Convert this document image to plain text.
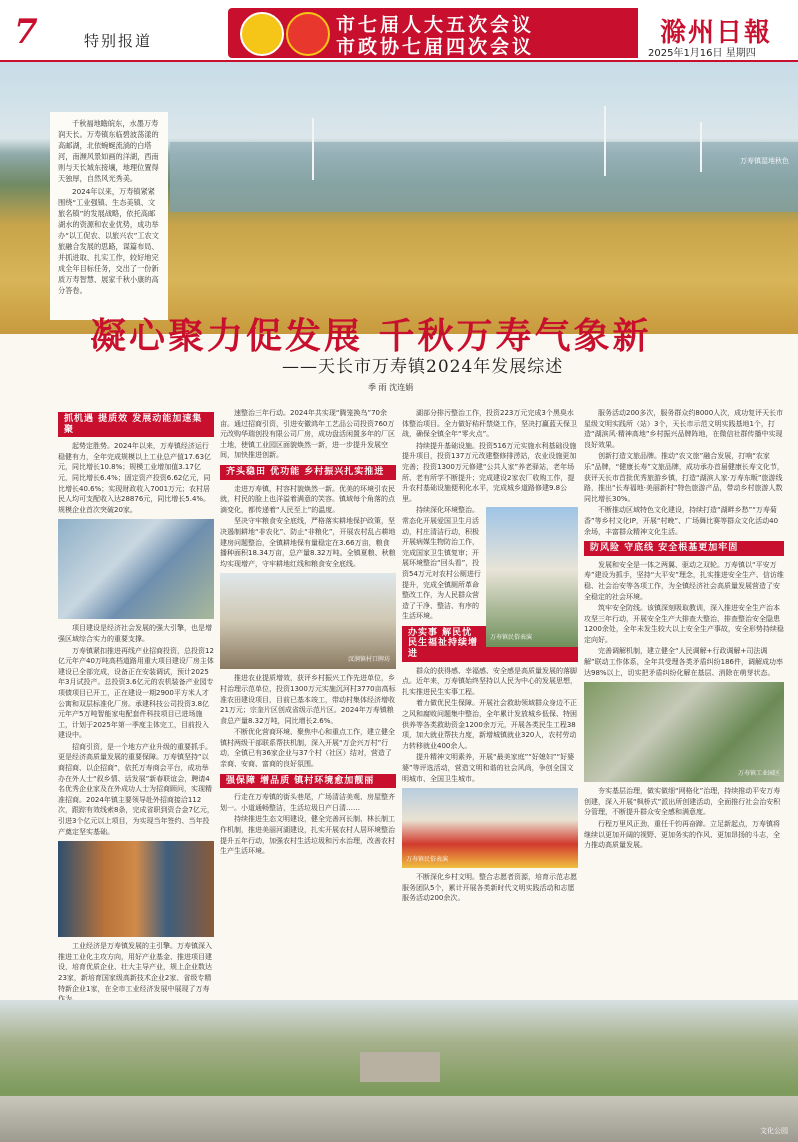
7	特别报道
市七届人大五次会议
市政协七届四次会议	滁州日報
2025年1月16日 星期四
万寿镇湿地秋色

千秋福地瞻皖东，水墨万寿润天长。万寿镇东临碧波荡漾的高邮湖，北依蜿蜒流淌的白塔河，南濒风景如画的洋湖，西南则与天长城东接壤，地理位置得天独厚，自然风光秀美。

2024年以来，万寿镇紧紧围绕“工业强镇、生态美镇、文旅名镇”的发展战略，依托高邮湖水的资源和农业优势，成功举办“以工促农、以旅兴农”工农文旅融合发展的思路，谋篇布局、并抓进取、扎实工作，较好地完成全年目标任务，交出了一份新质万寿智慧、展家千秋小康的高分答卷。

凝心聚力促发展 千秋万寿气象新
——天长市万寿镇2024年发展综述
季 雨 沈连娟
抓机遇 提质效 发展动能加速集聚

起势定胜势。2024年以来，万寿镇经济运行稳健有力，全年完成规模以上工业总产值17.63亿元，同比增长10.8%；规模工业增加值3.17亿元，同比增长6.4%；固定资产投资6.62亿元，同比增长40.6%；实现财政收入7001万元；农村居民人均可支配收入达28876元，同比增长5.4%。规模企业首次突破20家。

项目建设是经济社会发展的强大引擎，也是增强区域综合实力的重要支撑。

万寿镇紧扣推进再线产业招商投资，总投资12亿元年产40万吨高档道路用重大项目建设厂房主体建设已全部完成，设备正在安装调试，预计2025年3月试投产。总投资3.6亿元的农机装备产业园专项债项目已开工，正在建设一期2900平方米人才公寓和双层标准化厂房。承建科技公司投资3.8亿元年产5万吨智能家电配套件科技项目已进场施工，计划于2025年第一季度主体完工，目前投入建设中。

招商引资，是一个地方产业升级的重要抓手。更是经济高质量发展的重要保障。万寿镇坚持“以商招商、以企招商”，依托万寿商会平台，成功举办在外人士“叙乡情、话发展”新春联谊会，聘请4名优秀企业家及在外成功人士为招商顾问，实现精准招商。2024年镇主要领导赴外招商接洽112次，跟踪有效线索8条，完成省职到资合金7亿元，引进3个亿元以上项目，为实现当年签约、当年投产奠定坚实基础。

工业经济是万寿镇发展的主引擎。万寿镇深入推进工业化主攻方向，用好产业基金、推进项目建设，培育优质企业、壮大主导产业，规上企业数达23家，新培育国家级高新技术企业2家、省级专精特新企业1家，在全市工业经济发展中展现了万寿

速整治三年行动。2024年共实现“腾笼换鸟”70余亩。通过招商引资，引进安徽鸿年工艺品公司投资760万元改购华瑞创投有限公司厂房，成功盘活闲置多年的厂区土地，使镇工业园区面貌焕然一新，进一步提升发展空间，加快推进创新。

齐头稳田 优功能 乡村振兴扎实推进

走进万寿镇，村容村貌焕然一新。优美的环境引农民就，村民的脸上也洋溢着满意的笑容。镇域每个角落的点滴变化，都传递着“人民至上”的温度。

坚决守牢粮食安全底线，严格落实耕地保护政策，坚决遏制耕地“非农化”、防止“非粮化”，开展农村乱占耕地建房问题整治，全镇耕地保有量稳定在3.66万亩，粮食播种面积18.34万亩，总产量8.32万吨。全镇夏粮、秋粮均实现增产，守牢耕地红线和粮食安全底线。

汊涧镇村口牌坊

推进农业提质增效，获评乡村振兴工作先进单位，乡村治理示范单位，投资1300万元实施沉河村3770亩高标准农田建设项目，目前已基本竣工，带动村集体经济增收21万元；宗奎片区创成省级示范片区。2024年万寿镇粮食总产量8.32万吨，同比增长2.6%。

不断优化营商环境、聚焦中心和重点工作，建立健全镇村两级干部联系帮扶机制，深入开展“万企兴万村”行动，全镇已有36家企业与37个村（社区）结对，营造了亲商、安商、富商的良好氛围。

强保障 增品质 镇村环境愈加靓丽

行走在万寿镇的街头巷尾，广场清洁美观、房屋整齐划一。小道通畅整洁，生活垃圾日产日清……

持续推进生态文明建设，健全完善河长制、林长制工作机制，推进美丽河湖建设，扎实开展农村人居环境整治提升五年行动，加强农村生活垃圾和污水治理，改善农村生产生活环境。

湖部分排污整治工作，投资223万元完成3个黑臭水体整治项目。全力做好秸秆禁烧工作，坚决打赢蓝天保卫战，确保全镇全年“零火点”。

持续提升基础设施。投资516万元实施水利基础设施提升项目，投资137万元改建整修排涝站，农业设施更加完善；投资1300万元修建“公共人家”养老驿站，老年场所、老有所学不断提升；完成建设2家农厂收购工作，提升农村基础设施便利化水平，完成城乡道路修建9.8公里。

万寿镇民俗表演

持续深化环境整治。常态化开展爱国卫生月活动，村庄清洁行动，积极开展病媒生物防治工作，完成国家卫生镇复审；开展环境整治“回头看”，投资54万元对农村公厕进行提升，完成全镇厕所革命整改工作，为人民群众营造了干净、整洁、有序的生活环境。

办实事 解民忧 民生福祉持续增进

群众的获得感、幸福感、安全感是高质量发展的落脚点。近年来，万寿镇始终坚持以人民为中心的发展思想，扎实推进民生实事工程。

着力做优民生保障。开展社会救助领域群众身边不正之风和腐败问题集中整治，全年累计发放城乡低保、特困供养等各类救助资金1200余万元，开展各类民生工程38项，加大就业帮扶力度，新增城镇就业320人，农村劳动力转移就业400余人。

提升精神文明素养，开展“最美家庭”“好媳妇”“好婆婆”等评选活动，营造文明和谐的社会风尚，争创全国文明城市、全国卫生城市。

万寿镇民俗表演

不断深化乡村文明。整合志愿者资源，培育示范志愿服务团队5个，累计开展各类新时代文明实践活动和志愿服务活动200余次。

服务活动200多次，服务群众约8000人次，成功复评天长市星级文明实践所（站）3个，天长市示范文明实践基地1个，打造“湖滨风·精神高地”乡村振兴品牌阵地，在微信社群传播中实现良好效果。

创新打造文旅品牌。推动“农文旅”融合发展，打响“农家乐”品牌，“健康长寿”文旅品牌，成功承办首届健康长寿文化节，获评天长市首批优秀旅游乡镇，打造“湖滨人家·万寿东畈”旅游线路，推出“长寿福地·美丽新村”特色旅游产品，带动乡村旅游人数同比增长30%。

不断推动区域特色文化建设，持续打造“湖畔乡愁”“万寿菊香”等乡村文化IP，开展“村晚”、广场舞比赛等群众文化活动40余场，丰富群众精神文化生活。

防风险 守底线 安全根基更加牢固

发展和安全是一体之两翼、驱动之双轮。万寿镇以“平安万寿”建设为抓手，坚持“大平安”理念，扎实推进安全生产、信访维稳、社会治安等各项工作，为全镇经济社会高质量发展营造了安全稳定的社会环境。

筑牢安全防线。该镇深刻吸取教训，深入推进安全生产治本攻坚三年行动，开展安全生产大排查大整治，排查整治安全隐患1200余处，全年未发生较大以上安全生产事故，安全形势持续稳定向好。

完善调解机制，建立健全“人民调解+行政调解+司法调解”联动工作体系，全年共受理各类矛盾纠纷186件，调解成功率达98%以上，切实把矛盾纠纷化解在基层、消除在萌芽状态。

万寿镇工业园区

夯实基层治理，做实做细“网格化”治理，持续推动平安万寿创建，深入开展“枫桥式”派出所创建活动，全面推行社会治安积分管理，不断提升群众安全感和满意度。

行程万里风正劲，重任千钧再奋蹄。立足新起点，万寿镇将继续以更加开阔的视野、更加务实的作风、更加昂扬的斗志，全力推动高质量发展。

文化公园
